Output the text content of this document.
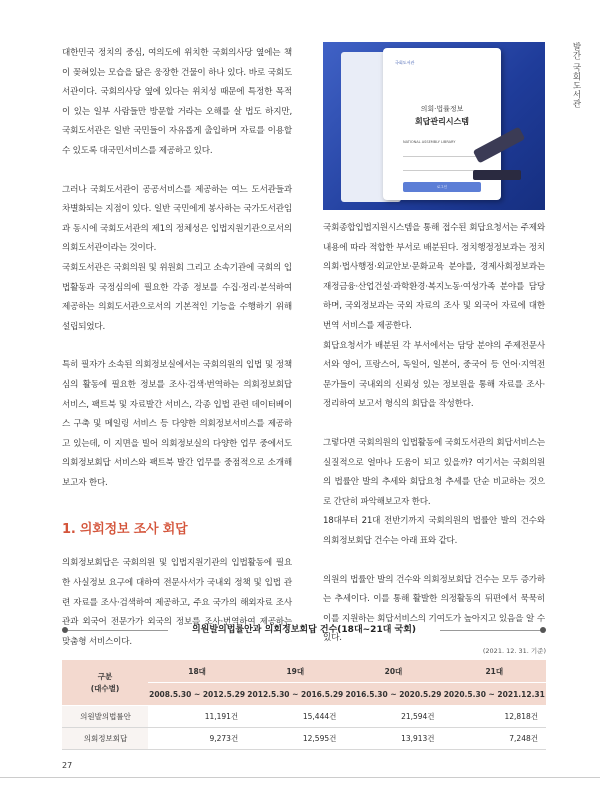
발간 국회도서관

대한민국 정치의 중심, 여의도에 위치한 국회의사당 옆에는 책이 꽂혀있는 모습을 닮은 웅장한 건물이 하나 있다. 바로 국회도서관이다. 국회의사당 옆에 있다는 위치성 때문에 특정한 목적이 있는 일부 사람들만 방문할 거라는 오해를 살 법도 하지만, 국회도서관은 일반 국민들이 자유롭게 출입하며 자료를 이용할 수 있도록 대국민서비스를 제공하고 있다.

그러나 국회도서관이 공공서비스를 제공하는 여느 도서관들과 차별화되는 지점이 있다. 일반 국민에게 봉사하는 국가도서관임과 동시에 국회도서관의 제1의 정체성은 입법지원기관으로서의 의회도서관이라는 것이다.

국회도서관은 국회의원 및 위원회 그리고 소속기관에 국회의 입법활동과 국정심의에 필요한 각종 정보를 수집·정리·분석하여 제공하는 의회도서관으로서의 기본적인 기능을 수행하기 위해 설립되었다.

특히 필자가 소속된 의회정보실에서는 국회의원의 입법 및 정책심의 활동에 필요한 정보를 조사·검색·번역하는 의회정보회답 서비스, 팩트북 및 자료발간 서비스, 각종 입법 관련 데이터베이스 구축 및 메일링 서비스 등 다양한 의회정보서비스를 제공하고 있는데, 이 지면을 빌어 의회정보실의 다양한 업무 중에서도 의회정보회답 서비스와 팩트북 발간 업무를 중점적으로 소개해보고자 한다.

1. 의회정보 조사 회답

의회정보회답은 국회의원 및 입법지원기관의 입법활동에 필요한 사실정보 요구에 대하여 전문사서가 국내외 정책 및 입법 관련 자료를 조사·검색하여 제공하고, 주요 국가의 해외자료 조사관과 외국어 전문가가 외국의 정보를 조사·번역하여 제공하는 맞춤형 서비스이다.

국회도서관
의회·법률정보
회답관리시스템
NATIONAL ASSEMBLY LIBRARY
로그인

국회종합입법지원시스템을 통해 접수된 회답요청서는 주제와 내용에 따라 적합한 부서로 배분된다. 정치행정정보과는 정치의회·법사행정·외교안보·문화교육 분야를, 경제사회정보과는 재정금융·산업건설·과학환경·복지노동·여성가족 분야를 담당하며, 국외정보과는 국외 자료의 조사 및 외국어 자료에 대한 번역 서비스를 제공한다.

회답요청서가 배분된 각 부서에서는 담당 분야의 주제전문사서와 영어, 프랑스어, 독일어, 일본어, 중국어 등 언어·지역전문가들이 국내외의 신뢰성 있는 정보원을 통해 자료를 조사·정리하여 보고서 형식의 회답을 작성한다.

그렇다면 국회의원의 입법활동에 국회도서관의 회답서비스는 실질적으로 얼마나 도움이 되고 있을까? 여기서는 국회의원의 법률안 발의 추세와 회답요청 추세를 단순 비교하는 것으로 간단히 파악해보고자 한다.

18대부터 21대 전반기까지 국회의원의 법률안 발의 건수와 의회정보회답 건수는 아래 표와 같다.

의원의 법률안 발의 건수와 의회정보회답 건수는 모두 증가하는 추세이다. 이를 통해 활발한 의정활동의 뒤편에서 묵묵히 이를 지원하는 회답서비스의 기여도가 높아지고 있음을 알 수 있다.

의원발의법률안과 의회정보회답 건수(18대~21대 국회)
(2021. 12. 31. 기준)
구분
(대수별)	18대	19대	20대	21대
	2008.5.30 ~ 2012.5.29	2012.5.30 ~ 2016.5.29	2016.5.30 ~ 2020.5.29	2020.5.30 ~ 2021.12.31
의원발의법률안	11,191건	15,444건	21,594건	12,818건
의회정보회답	9,273건	12,595건	13,913건	7,248건
27
